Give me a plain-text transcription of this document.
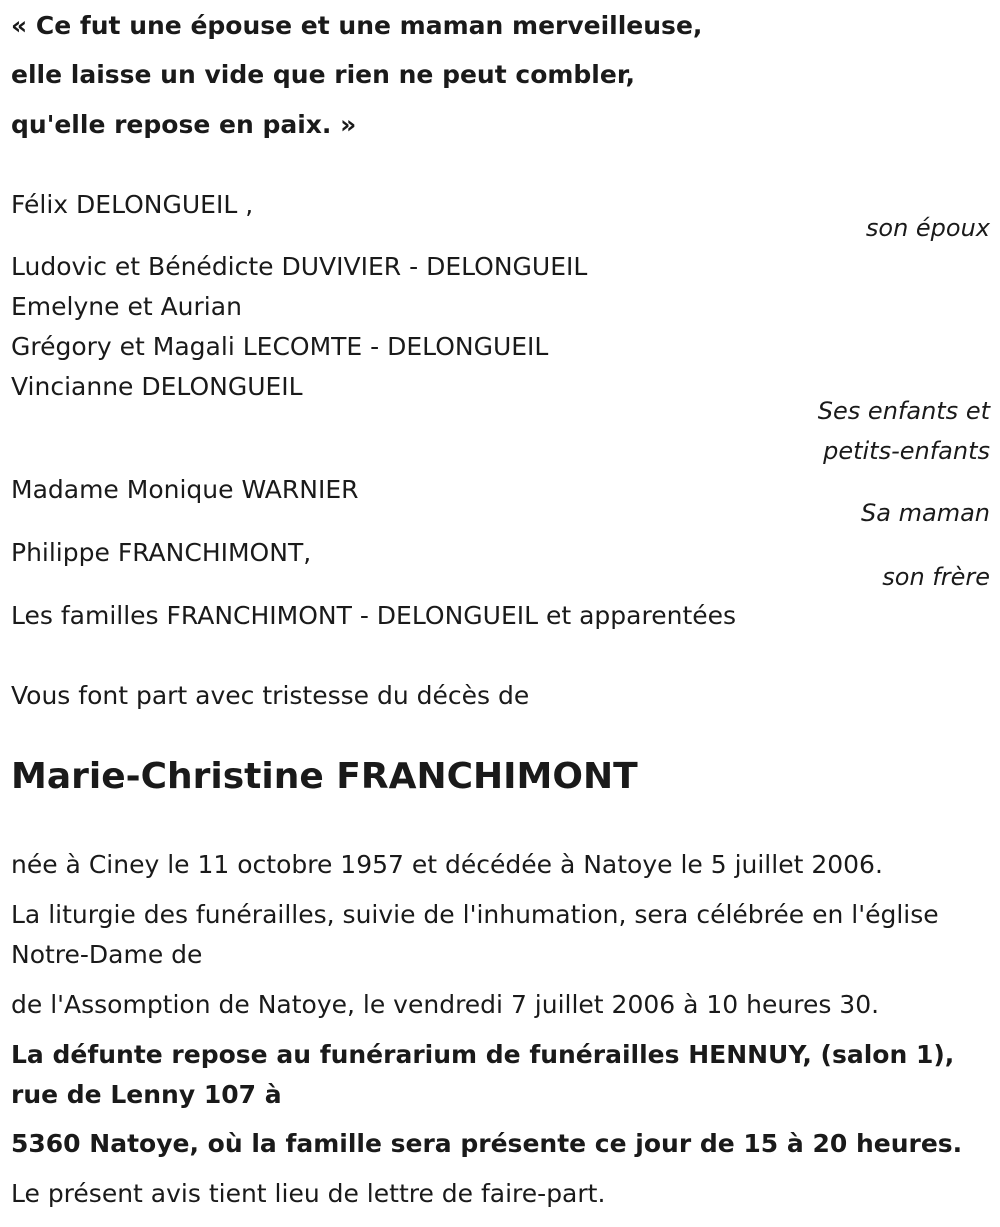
« Ce fut une épouse et une maman merveilleuse,
elle laisse un vide que rien ne peut combler,
qu'elle repose en paix. »
Félix DELONGUEIL ,
son époux
Ludovic et Bénédicte DUVIVIER - DELONGUEIL
Emelyne et Aurian
Grégory et Magali LECOMTE - DELONGUEIL
Vincianne DELONGUEIL
Ses enfants et
petits-enfants
Madame Monique WARNIER
Sa maman
Philippe FRANCHIMONT,
son frère
Les familles FRANCHIMONT - DELONGUEIL et apparentées
Vous font part avec tristesse du décès de
Marie-Christine FRANCHIMONT
née à Ciney le 11 octobre 1957 et décédée à Natoye le 5 juillet 2006.
La liturgie des funérailles, suivie de l'inhumation, sera célébrée en l'église Notre-Dame de
de l'Assomption de Natoye, le vendredi 7 juillet 2006 à 10 heures 30.
La défunte repose au funérarium de funérailles HENNUY, (salon 1), rue de Lenny 107 à
5360 Natoye, où la famille sera présente ce jour de 15 à 20 heures.
Le présent avis tient lieu de lettre de faire-part.
